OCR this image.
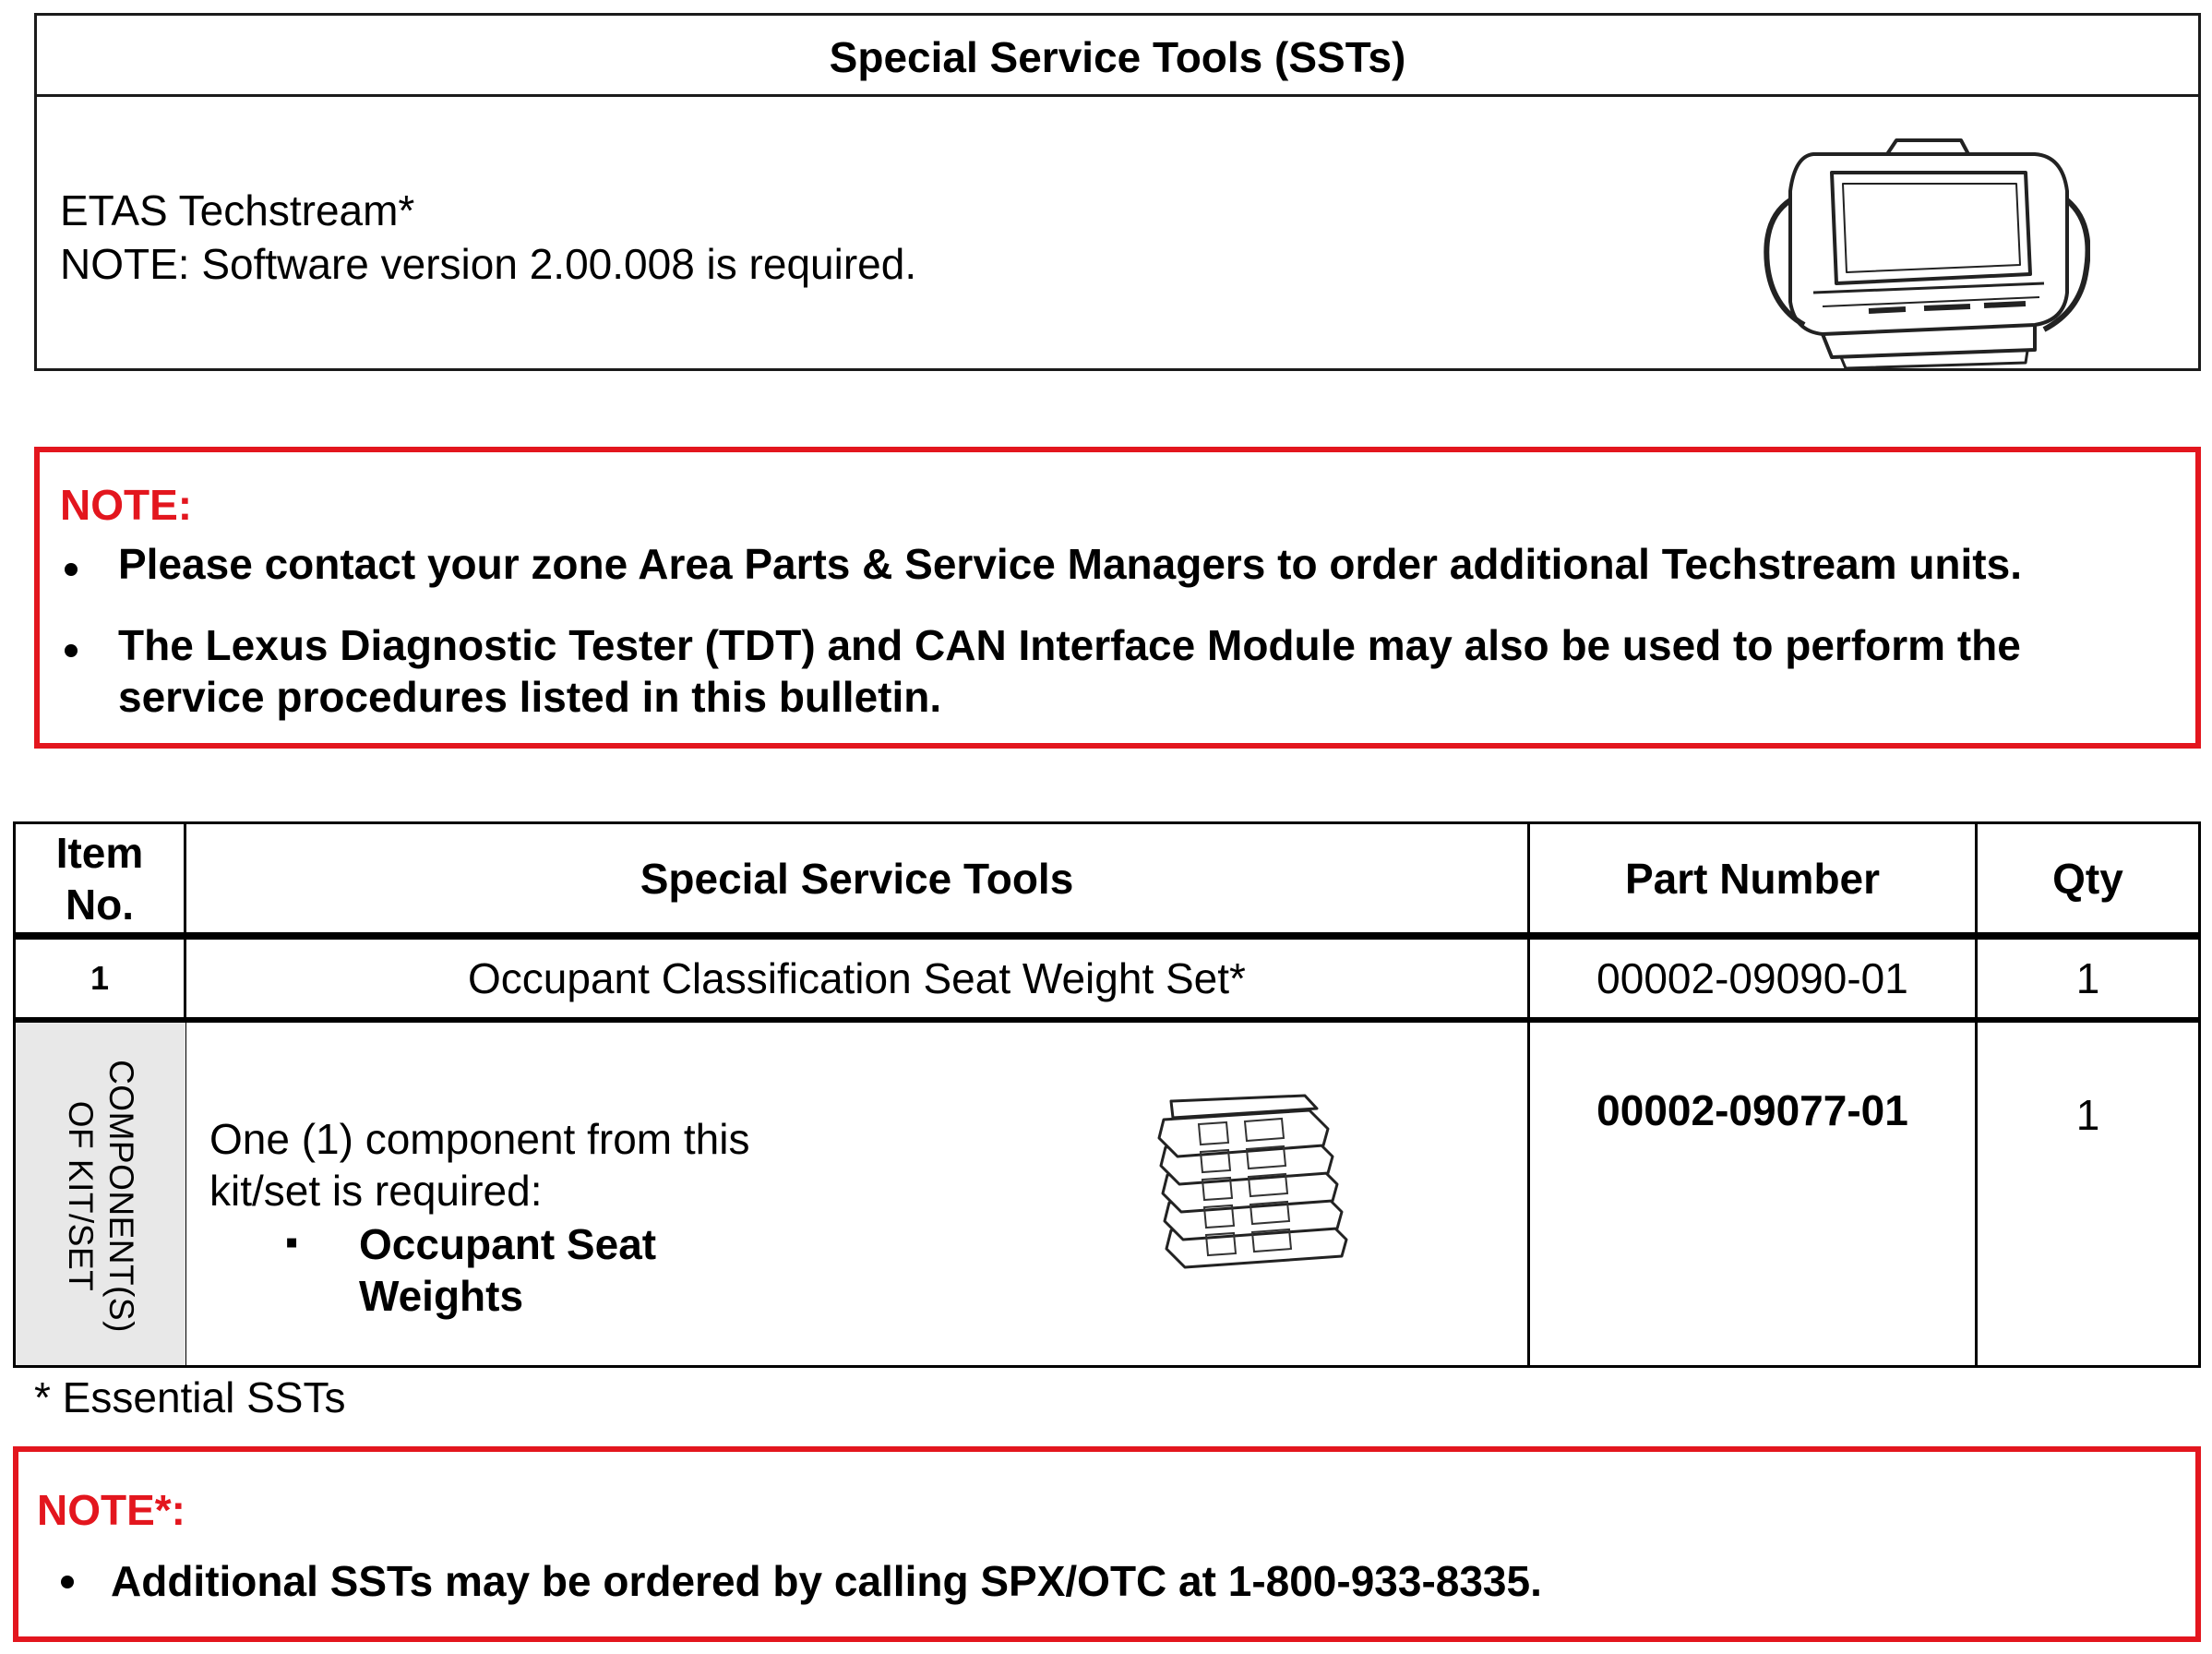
Special Service Tools (SSTs)
ETAS Techstream*
NOTE: Software version 2.00.008 is required.
NOTE:
Please contact your zone Area Parts & Service Managers to order additional Techstream units.
The Lexus Diagnostic Tester (TDT) and CAN Interface Module may also be used to perform the
service procedures listed in this bulletin.
COMPONENT(S)
OF KIT/SET
Item
No.
Special Service Tools	Part Number	Qty
1	Occupant Classification Seat Weight Set*	00002-09090-01	1
One (1) component from this
kit/set is required:
▪ Occupant Seat Weights
00002-09077-01	1
* Essential SSTs
NOTE*:
Additional SSTs may be ordered by calling SPX/OTC at 1-800-933-8335.
